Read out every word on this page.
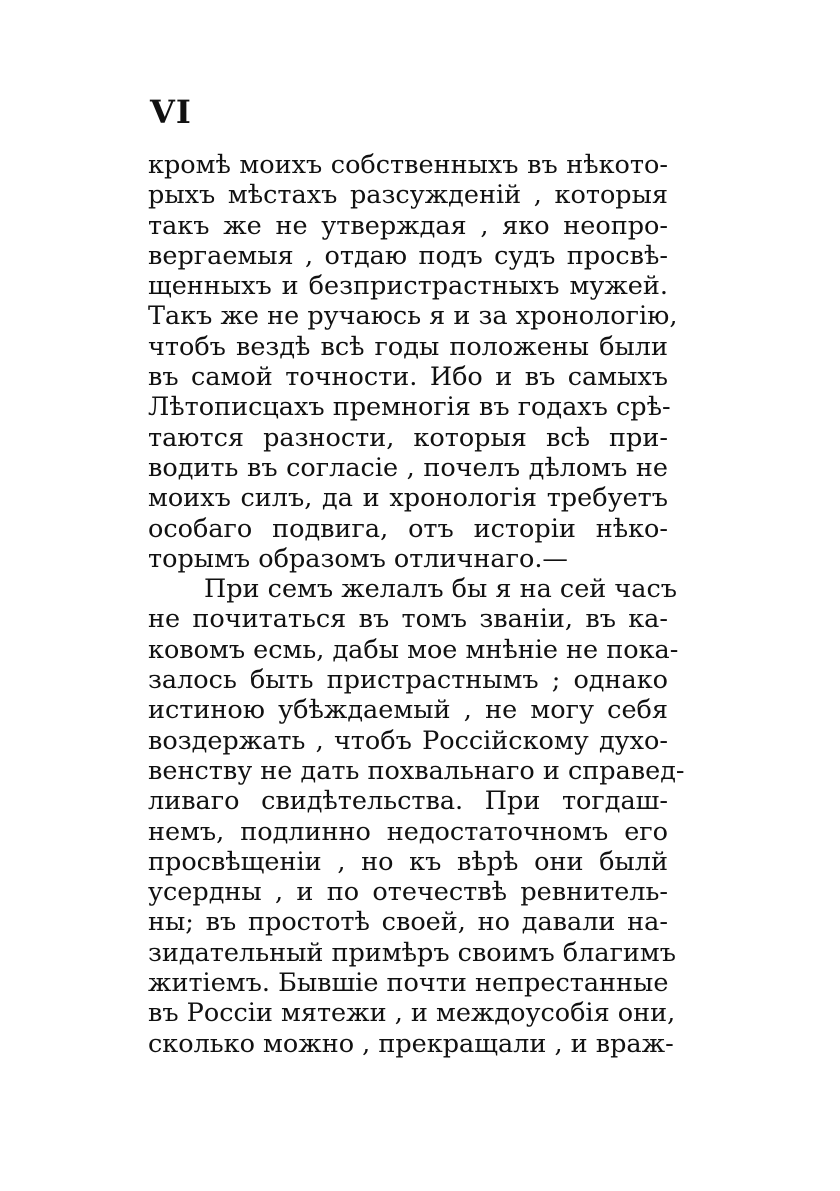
VI
кромѣ моихъ собственныхъ въ нѣкото-
рыхъ мѣстахъ разсужденій , которыя
такъ же не утверждая , яко неопро-
вергаемыя , отдаю подъ судъ просвѣ-
щенныхъ и безпристрастныхъ мужей.
Такъ же не ручаюсь я и за хронологію,
чтобъ вездѣ всѣ годы положены были
въ самой точности. Ибо и въ самыхъ
Лѣтописцахъ премногія въ годахъ срѣ-
таются разности, которыя всѣ при-
водить въ согласіе , почелъ дѣломъ не
моихъ силъ, да и хронологія требуетъ
особаго подвига, отъ исторіи нѣко-
торымъ образомъ отличнаго.—
При семъ желалъ бы я на сей часъ
не почитаться въ томъ званіи, въ ка-
ковомъ есмь, дабы мое мнѣніе не пока-
залось быть пристрастнымъ ; однако
истиною убѣждаемый , не могу себя
воздержать , чтобъ Россійскому духо-
венству не дать похвальнаго и справед-
ливаго свидѣтельства. При тогдаш-
немъ, подлинно недостаточномъ его
просвѣщеніи , но къ вѣрѣ они былй
усердны , и по отечествѣ ревнитель-
ны; въ простотѣ своей, но давали на-
зидательный примѣръ своимъ благимъ
житіемъ. Бывшіе почти непрестанные
въ Россіи мятежи , и междоусобія они,
сколько можно , прекращали , и враж-
